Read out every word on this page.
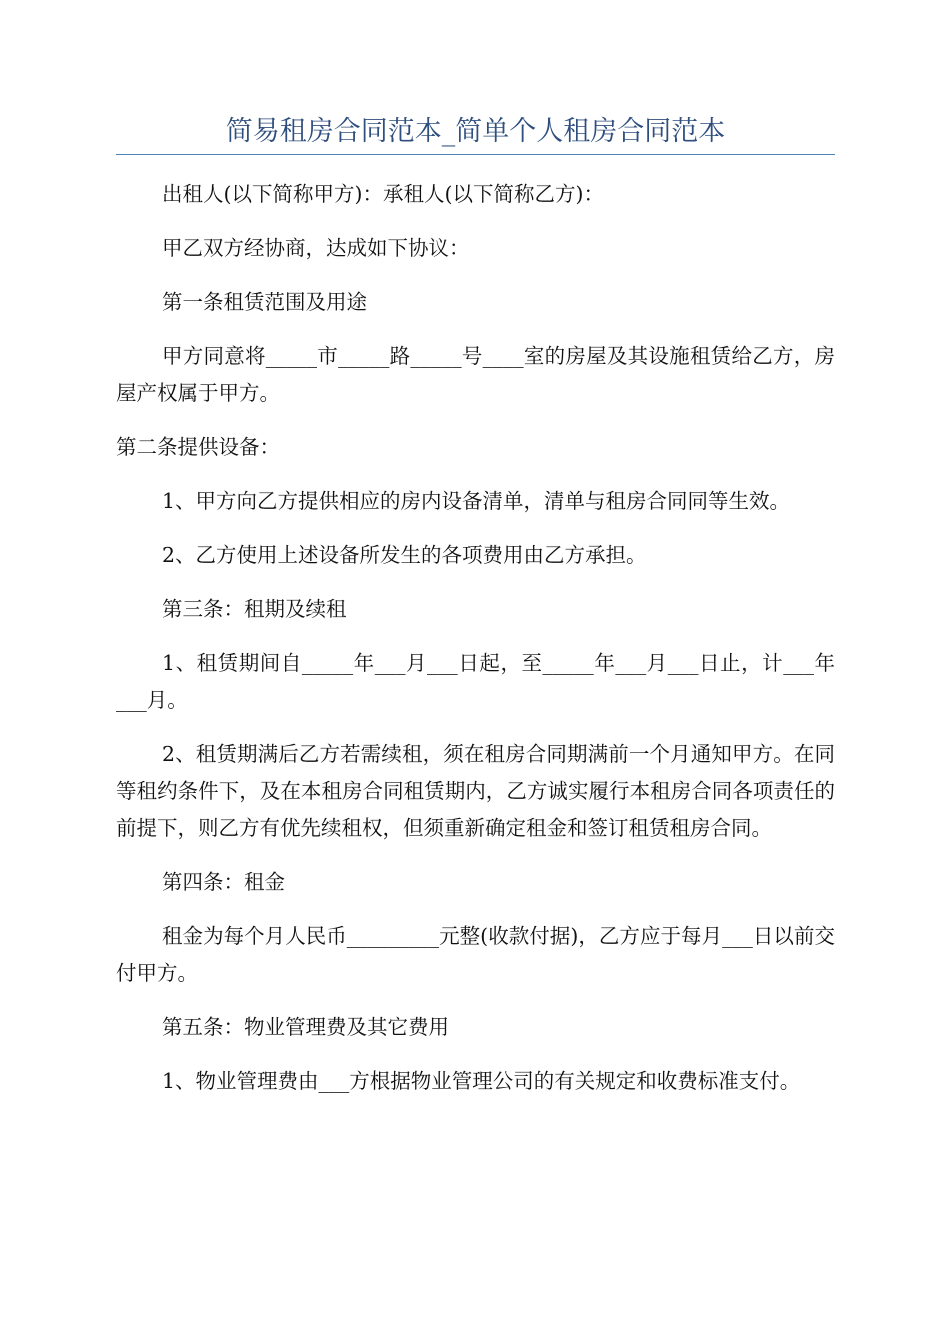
简易租房合同范本_简单个人租房合同范本

出租人(以下简称甲方)：承租人(以下简称乙方)：

甲乙双方经协商，达成如下协议：

第一条租赁范围及用途

甲方同意将_____市_____路_____号____室的房屋及其设施租赁给乙方，房屋产权属于甲方。

第二条提供设备：

1、甲方向乙方提供相应的房内设备清单，清单与租房合同同等生效。

2、乙方使用上述设备所发生的各项费用由乙方承担。

第三条：租期及续租

1、租赁期间自_____年___月___日起，至_____年___月___日止，计___年___月。

2、租赁期满后乙方若需续租，须在租房合同期满前一个月通知甲方。在同等租约条件下，及在本租房合同租赁期内，乙方诚实履行本租房合同各项责任的前提下，则乙方有优先续租权，但须重新确定租金和签订租赁租房合同。

第四条：租金

租金为每个月人民币_________元整(收款付据)，乙方应于每月___日以前交付甲方。

第五条：物业管理费及其它费用

1、物业管理费由___方根据物业管理公司的有关规定和收费标准支付。
